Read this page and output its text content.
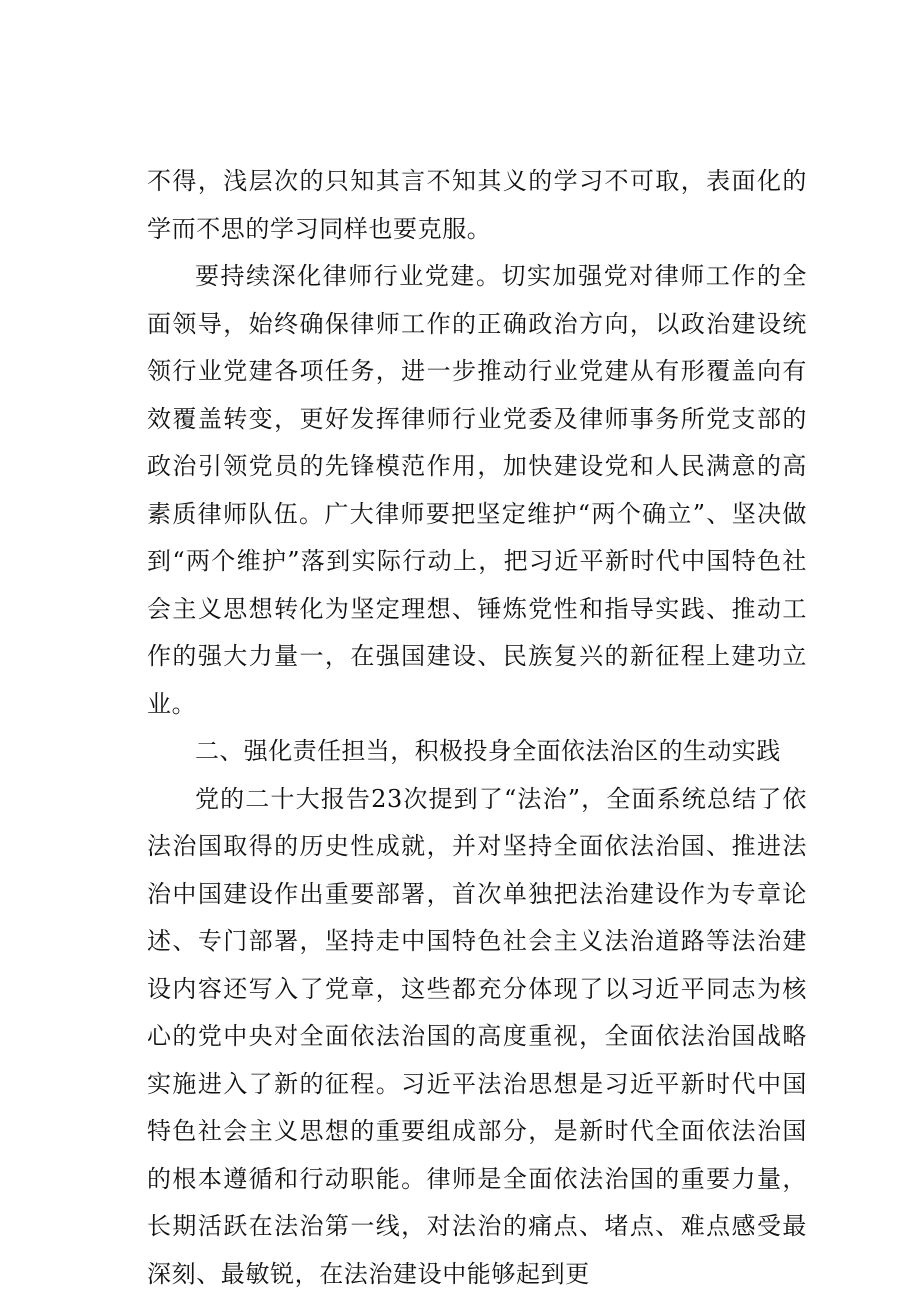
不得，浅层次的只知其言不知其义的学习不可取，表面化的学而不思的学习同样也要克服。

要持续深化律师行业党建。切实加强党对律师工作的全面领导，始终确保律师工作的正确政治方向，以政治建设统领行业党建各项任务，进一步推动行业党建从有形覆盖向有效覆盖转变，更好发挥律师行业党委及律师事务所党支部的政治引领党员的先锋模范作用，加快建设党和人民满意的高素质律师队伍。广大律师要把坚定维护“两个确立”、坚决做到“两个维护”落到实际行动上，把习近平新时代中国特色社会主义思想转化为坚定理想、锤炼党性和指导实践、推动工作的强大力量一，在强国建设、民族复兴的新征程上建功立业。

二、强化责任担当，积极投身全面依法治区的生动实践

党的二十大报告23次提到了“法治”，全面系统总结了依法治国取得的历史性成就，并对坚持全面依法治国、推进法治中国建设作出重要部署，首次单独把法治建设作为专章论述、专门部署，坚持走中国特色社会主义法治道路等法治建设内容还写入了党章，这些都充分体现了以习近平同志为核心的党中央对全面依法治国的高度重视，全面依法治国战略实施进入了新的征程。习近平法治思想是习近平新时代中国特色社会主义思想的重要组成部分，是新时代全面依法治国的根本遵循和行动职能。律师是全面依法治国的重要力量，长期活跃在法治第一线，对法治的痛点、堵点、难点感受最深刻、最敏锐，在法治建设中能够起到更
